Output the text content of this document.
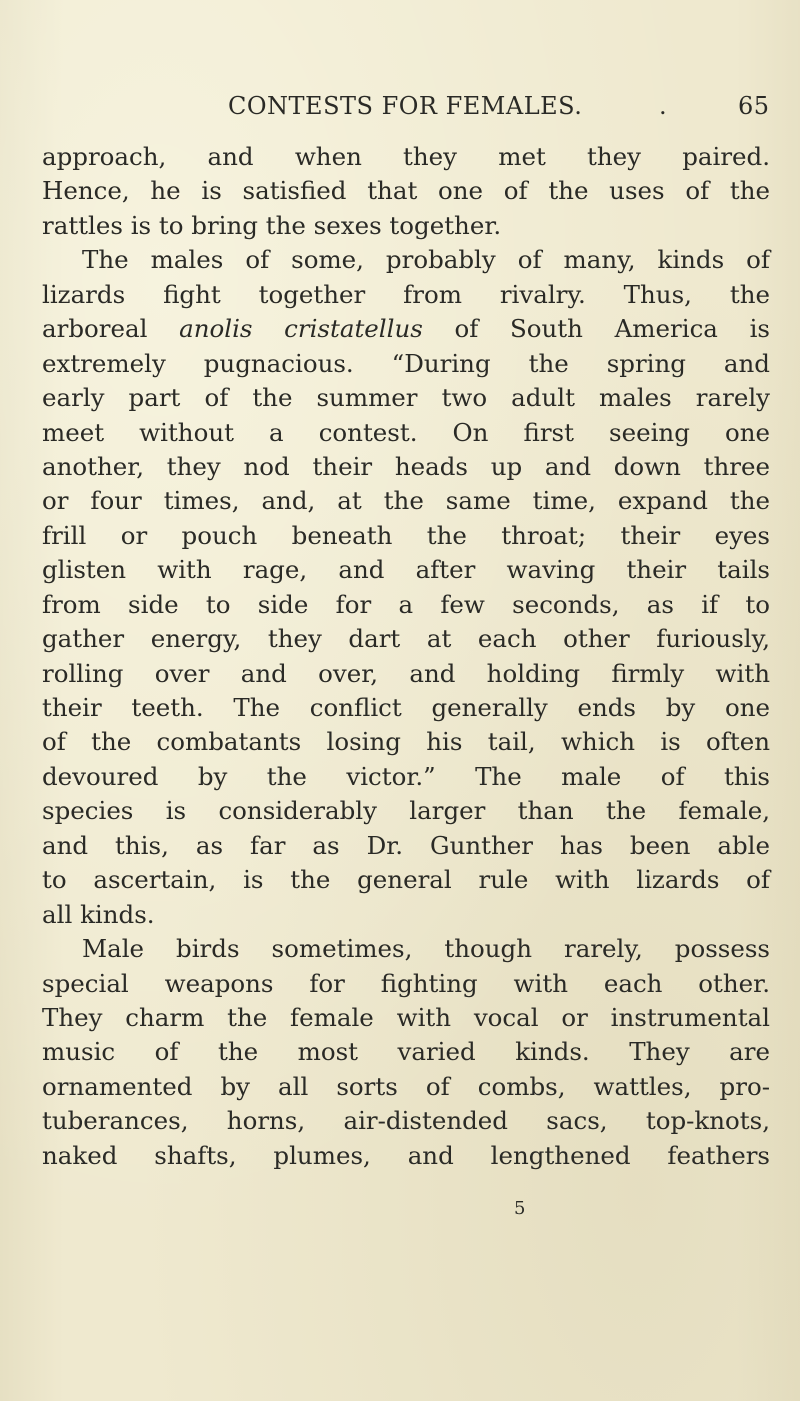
CONTESTS FOR FEMALES.	.	65
approach, and when they met they paired.
Hence, he is satisfied that one of the uses of the
rattles is to bring the sexes together.
The males of some, probably of many, kinds of
lizards fight together from rivalry. Thus, the
arboreal anolis cristatellus of South America is
extremely pugnacious. “During the spring and
early part of the summer two adult males rarely
meet without a contest. On first seeing one
another, they nod their heads up and down three
or four times, and, at the same time, expand the
frill or pouch beneath the throat; their eyes
glisten with rage, and after waving their tails
from side to side for a few seconds, as if to
gather energy, they dart at each other furiously,
rolling over and over, and holding firmly with
their teeth. The conflict generally ends by one
of the combatants losing his tail, which is often
devoured by the victor.” The male of this
species is considerably larger than the female,
and this, as far as Dr. Gunther has been able
to ascertain, is the general rule with lizards of
all kinds.
Male birds sometimes, though rarely, possess
special weapons for fighting with each other.
They charm the female with vocal or instrumental
music of the most varied kinds. They are
ornamented by all sorts of combs, wattles, pro-
tuberances, horns, air-distended sacs, top-knots,
naked shafts, plumes, and lengthened feathers
5
